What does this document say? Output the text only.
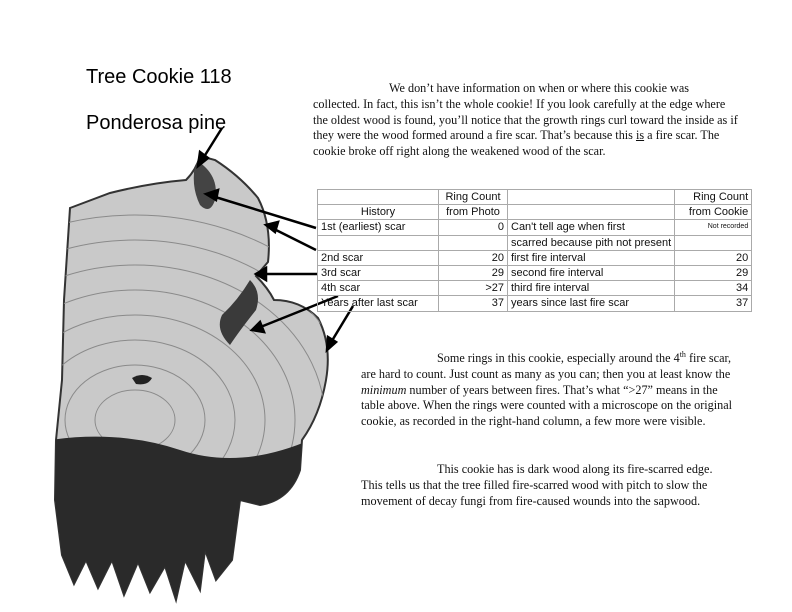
Tree Cookie 118
Ponderosa pine

We don’t have information on when or where this cookie was collected. In fact, this isn’t the whole cookie! If you look carefully at the edge where the oldest wood is found, you’ll notice that the growth rings curl toward the inside as if they were the wood formed around a fire scar. That’s because this is a fire scar. The cookie broke off right along the weakened wood of the scar.

	Ring Count		Ring Count
History	from Photo		from Cookie
1st (earliest) scar	0	Can't tell age when first	Not recorded
		scarred because pith not present	
2nd scar	20	first fire interval	20
3rd scar	29	second fire interval	29
4th scar	>27	third fire interval	34
Years after last scar	37	years since last fire scar	37

Some rings in this cookie, especially around the 4th fire scar, are hard to count. Just count as many as you can; then you at least know the minimum number of years between fires. That’s what “>27” means in the table above. When the rings were counted with a microscope on the original cookie, as recorded in the right-hand column, a few more were visible.

This cookie has is dark wood along its fire-scarred edge. This tells us that the tree filled fire-scarred wood with pitch to slow the movement of decay fungi from fire-caused wounds into the sapwood.
